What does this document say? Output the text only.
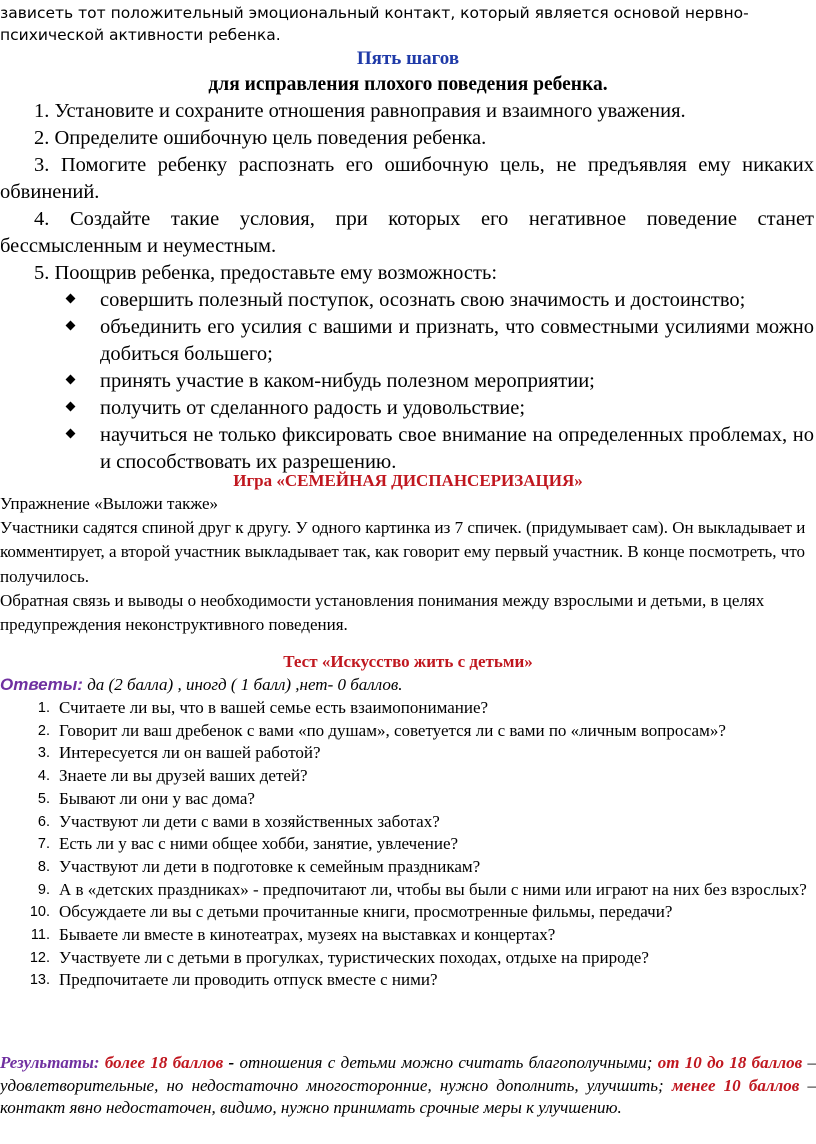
зависеть тот положительный эмоциональный контакт, который является основой нервно-
психической активности ребенка.
Пять шагов
для исправления плохого поведения ребенка.

1. Установите и сохраните отношения равноправия и взаимного уважения.

2. Определите ошибочную цель поведения ребенка.

3. Помогите ребенку распознать его ошибочную цель, не предъявляя ему никаких обвинений.

4. Создайте такие условия, при которых его негативное поведение станет бессмысленным и неуместным.

5. Поощрив ребенка, предоставьте ему возможность:

совершить полезный поступок, осознать свою значимость и достоинство;
объединить его усилия с вашими и признать, что совместными усилиями можно добиться большего;
принять участие в каком-нибудь полезном мероприятии;
получить от сделанного радость и удовольствие;
научиться не только фиксировать свое внимание на определенных проблемах, но и способствовать их разрешению.
Игра «СЕМЕЙНАЯ ДИСПАНСЕРИЗАЦИЯ»

Упражнение «Выложи также»

Участники садятся спиной друг к другу. У одного картинка из 7 спичек. (придумывает сам). Он выкладывает и комментирует, а второй участник выкладывает так, как говорит ему первый участник. В конце посмотреть, что получилось.

Обратная связь и выводы о необходимости установления понимания между взрослыми и детьми, в целях предупреждения неконструктивного поведения.

Тест «Искусство жить с детьми»
Ответы: да (2 балла) , иногд ( 1 балл) ,нет- 0 баллов.
1. Считаете ли вы, что в вашей семье есть взаимопонимание?
2. Говорит ли ваш дребенок с вами «по душам», советуется ли с вами по «личным вопросам»?
3. Интересуется ли он вашей работой?
4. Знаете ли вы друзей ваших детей?
5. Бывают ли они у вас дома?
6. Участвуют ли дети с вами в хозяйственных заботах?
7. Есть ли у вас с ними общее хобби, занятие, увлечение?
8. Участвуют ли дети в подготовке к семейным праздникам?
9. А в «детских праздниках» - предпочитают ли, чтобы вы были с ними или играют на них без взрослых?
10. Обсуждаете ли вы с детьми прочитанные книги, просмотренные фильмы, передачи?
11. Бываете ли вместе в кинотеатрах, музеях на выставках и концертах?
12. Участвуете ли с детьми в прогулках, туристических походах, отдыхе на природе?
13. Предпочитаете ли проводить отпуск вместе с ними?
Результаты: более 18 баллов - отношения с детьми можно считать благополучными; от 10 до 18 баллов – удовлетворительные, но недостаточно многосторонние, нужно дополнить, улучшить; менее 10 баллов – контакт явно недостаточен, видимо, нужно принимать срочные меры к улучшению.
